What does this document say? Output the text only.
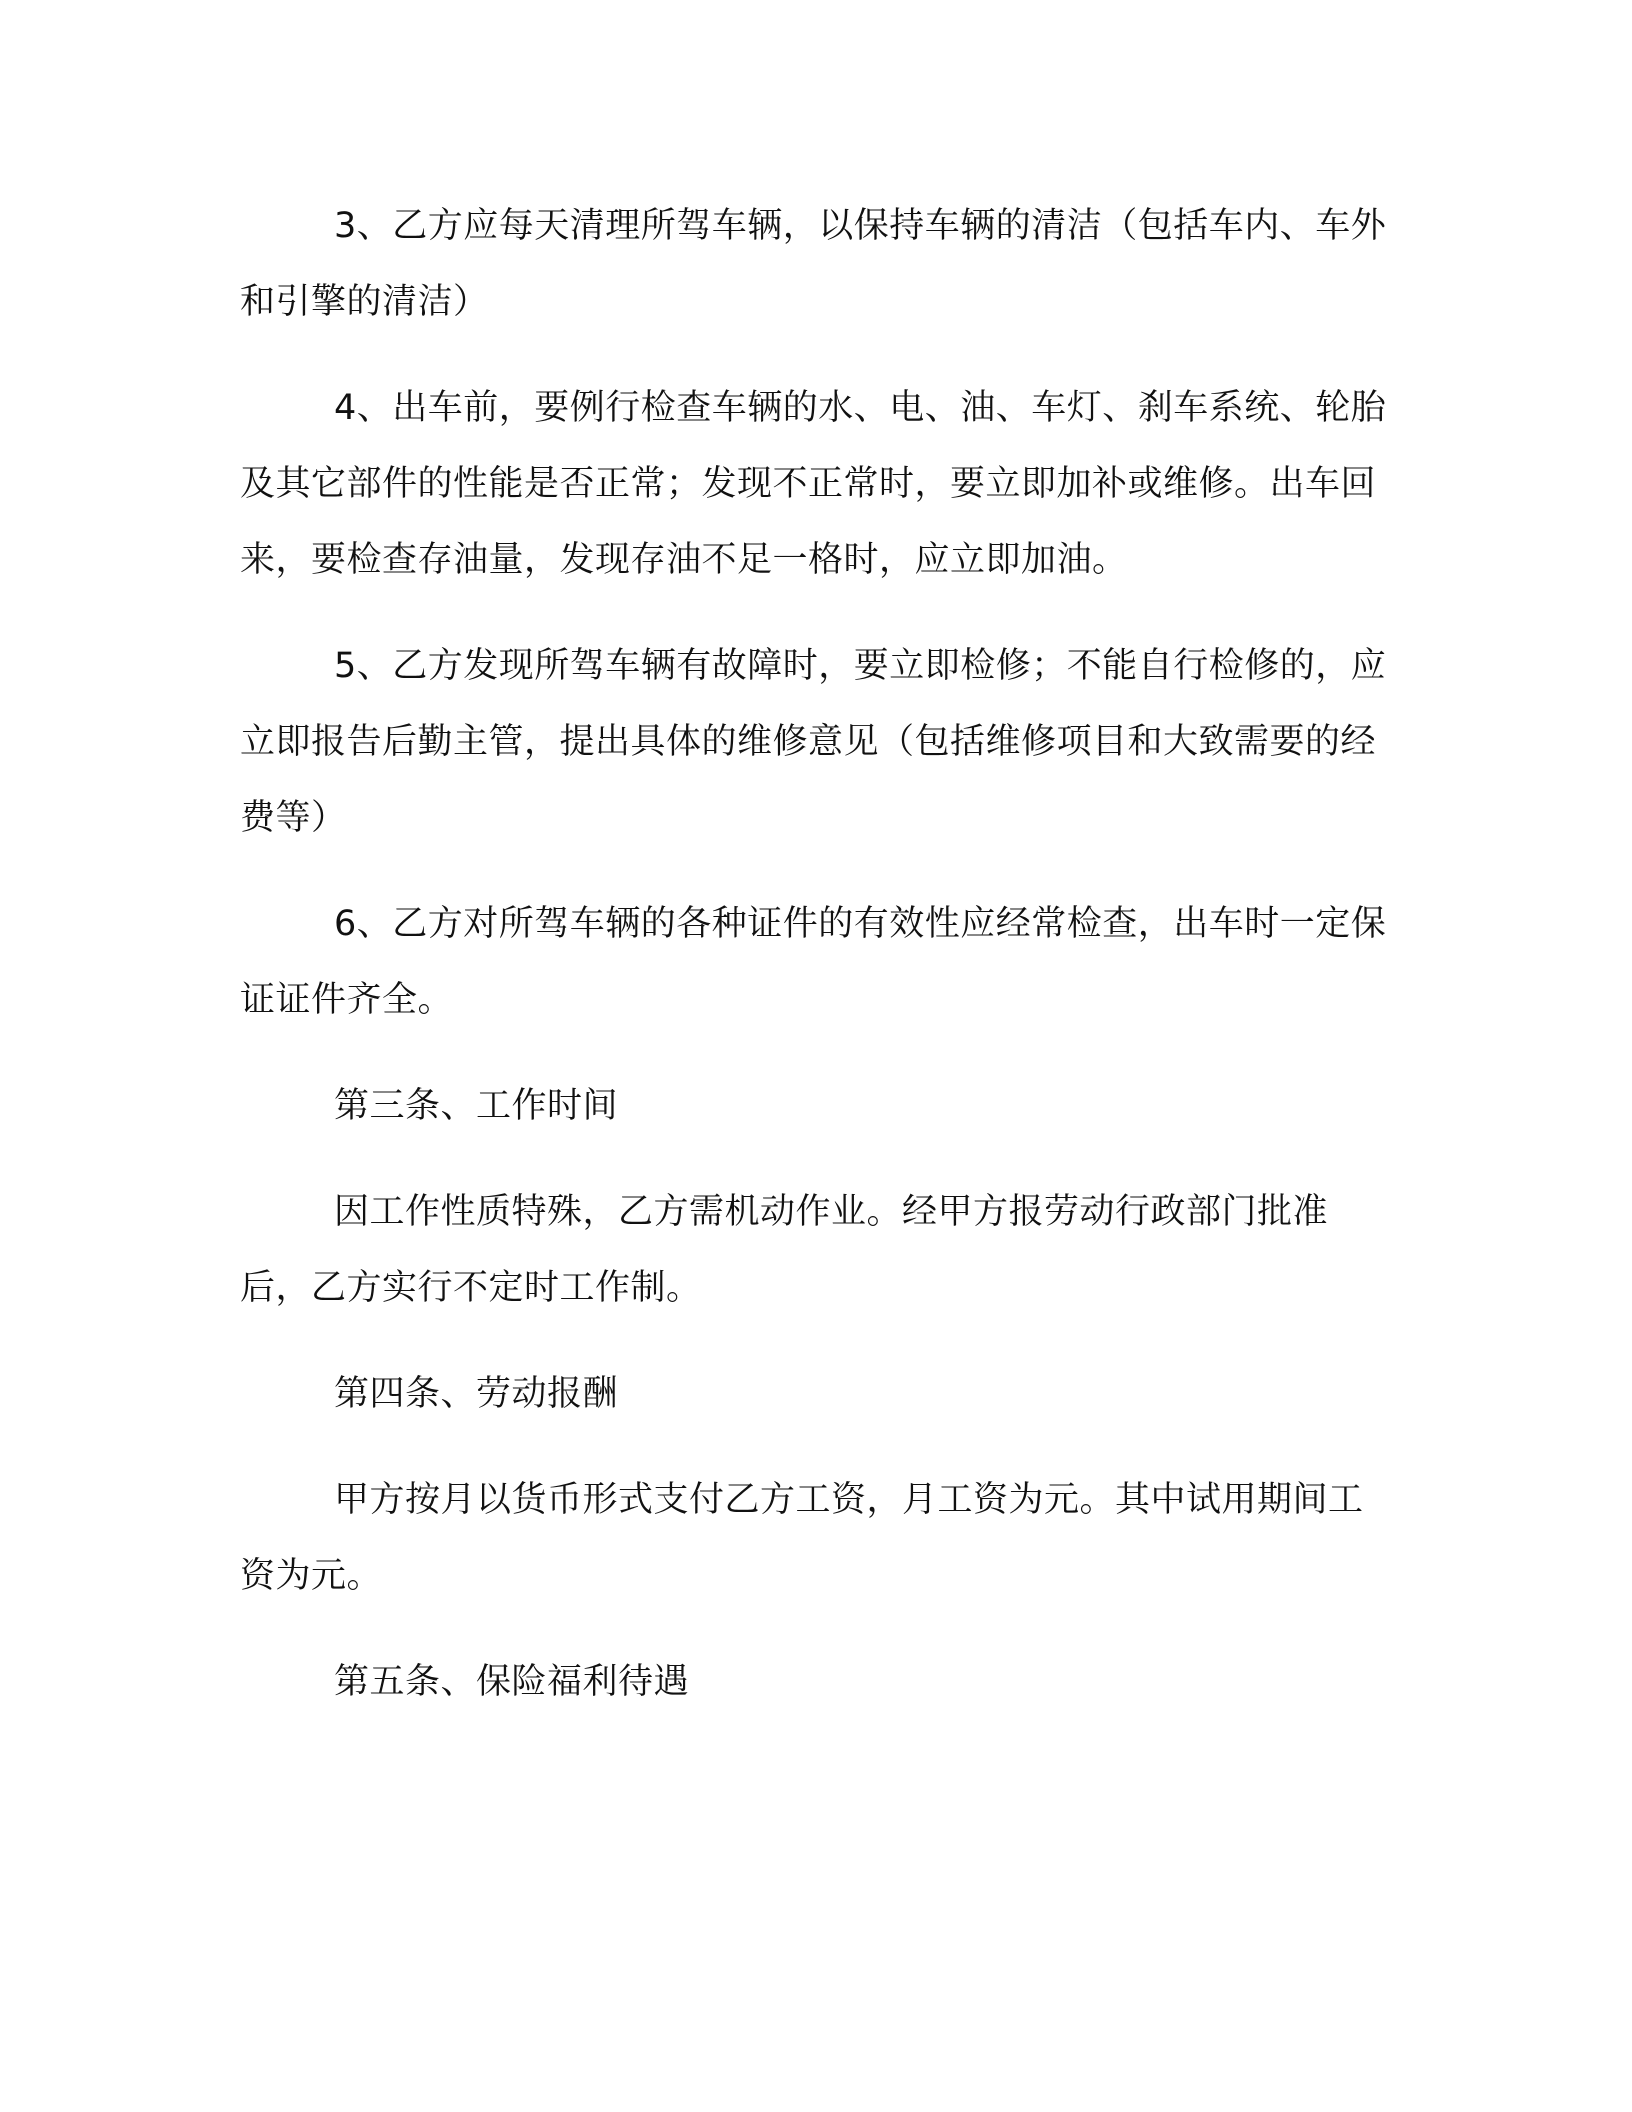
3、乙方应每天清理所驾车辆，以保持车辆的清洁（包括车内、车外和引擎的清洁）

4、出车前，要例行检查车辆的水、电、油、车灯、刹车系统、轮胎及其它部件的性能是否正常；发现不正常时，要立即加补或维修。出车回来，要检查存油量，发现存油不足一格时，应立即加油。

5、乙方发现所驾车辆有故障时，要立即检修；不能自行检修的，应立即报告后勤主管，提出具体的维修意见（包括维修项目和大致需要的经费等）

6、乙方对所驾车辆的各种证件的有效性应经常检查，出车时一定保证证件齐全。

第三条、工作时间

因工作性质特殊，乙方需机动作业。经甲方报劳动行政部门批准后，乙方实行不定时工作制。

第四条、劳动报酬

甲方按月以货币形式支付乙方工资，月工资为元。其中试用期间工资为元。

第五条、保险福利待遇
